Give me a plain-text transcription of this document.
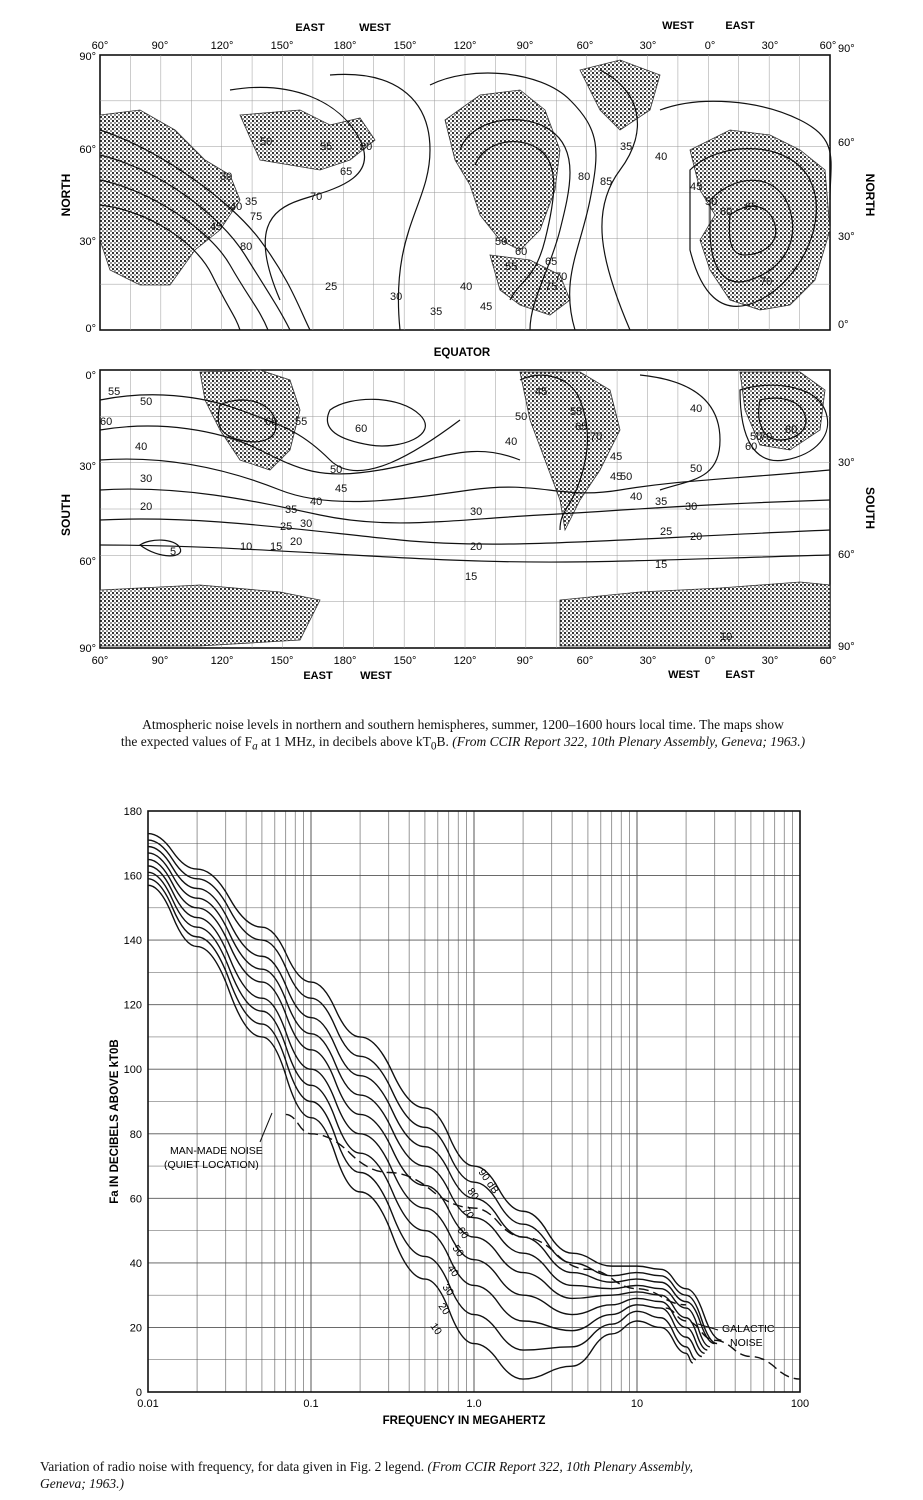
30
35
40
45
50	55	60
65
70
75
80
25
30
35
40
45
50
55
60
65
70
75
80 85
35
40
45
50
60 65
70
55
50
60
40
30
20
5	10 15 20
25 30
35
40
45
50
55
60
60
50
45
40
45
50
55
65
70
30
20
15
35
40
45
50
30
25 20
15
40
50
60
70
80
10
60°	90°	120°	150°	180°	150°	120°	90°	60°	30°	0°	30°	60°
60°	90°	120°	150°	180°	150°	120°	90°	60°	30°	0°	30°	60°
EAST	WEST	WEST	EAST
EAST WEST	WEST EAST
90°
60°
30°
0°
90°
60°
30°
0°
0°
30°
60°
90°
30°
60°
90°
NORTH	NORTH
SOUTH	SOUTH
EQUATOR
Atmospheric noise levels in northern and southern hemispheres, summer, 1200–1600 hours local time. The maps show
the expected values of $F_a$ at 1 MHz, in decibels above $kT_0B$. (From CCIR Report 322, 10th Plenary Assembly, Geneva; 1963.)
0
20
40
60
80
100
120
140
160
180
0.01	0.1	1.0	10	100
FREQUENCY IN MEGAHERTZ
Fa IN DECIBELS ABOVE kT0B
10
20
30
40
50
60
70
80
90 dB
MAN-MADE NOISE
(QUIET LOCATION)
GALACTIC
NOISE
Variation of radio noise with frequency, for data given in Fig. 2 legend. (From CCIR Report 322, 10th Plenary Assembly,
Geneva; 1963.)
